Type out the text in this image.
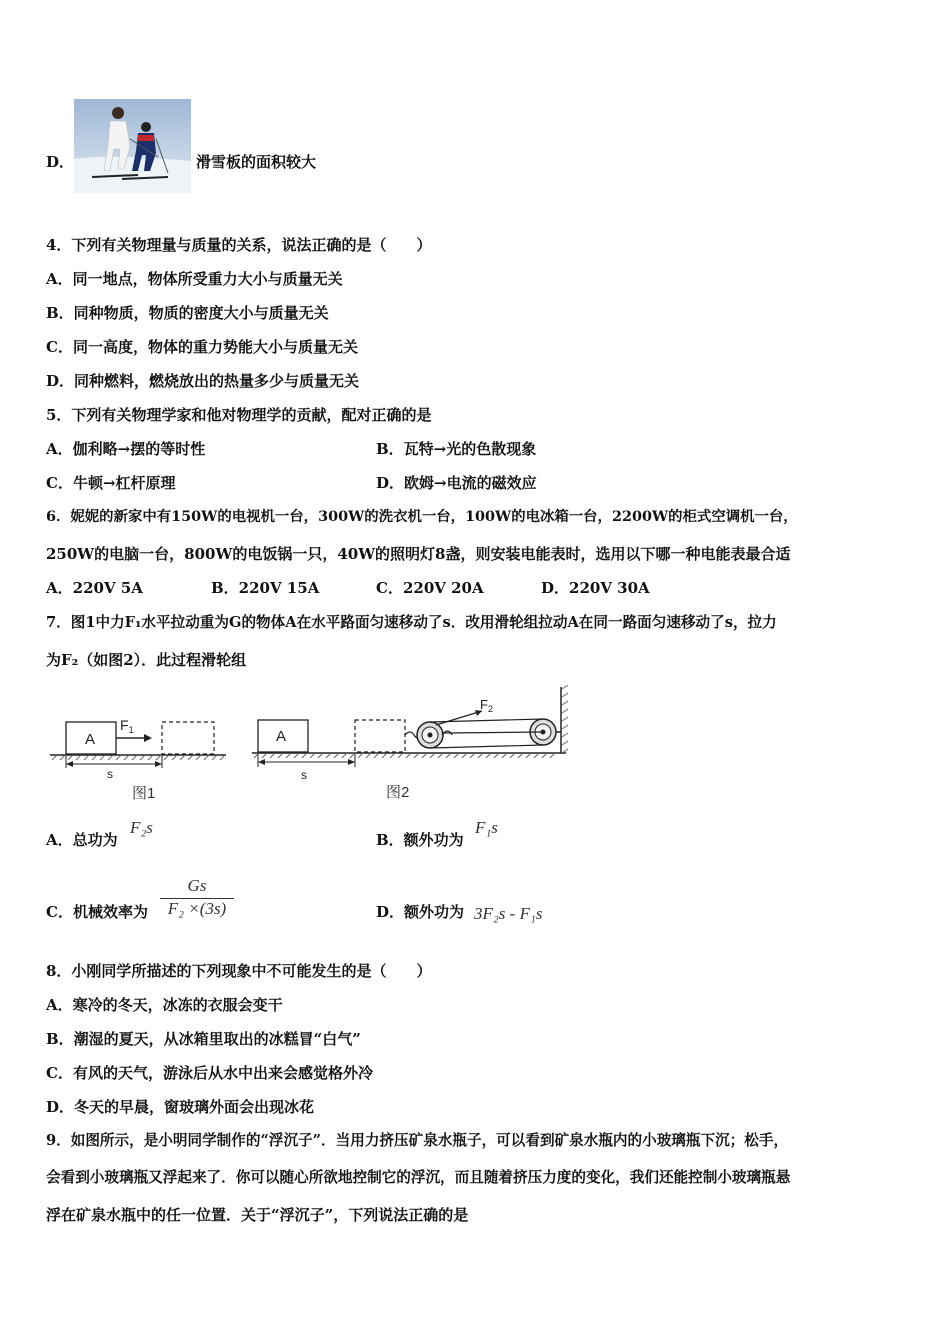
D．	滑雪板的面积较大
4．下列有关物理量与质量的关系，说法正确的是（　　）
A．同一地点，物体所受重力大小与质量无关
B．同种物质，物质的密度大小与质量无关
C．同一高度，物体的重力势能大小与质量无关
D．同种燃料，燃烧放出的热量多少与质量无关
5．下列有关物理学家和他对物理学的贡献，配对正确的是
A．伽利略→摆的等时性	B．瓦特→光的色散现象
C．牛顿→杠杆原理	D．欧姆→电流的磁效应
6．妮妮的新家中有150W的电视机一台，300W的洗衣机一台，100W的电冰箱一台，2200W的柜式空调机一台，
250W的电脑一台，800W的电饭锅一只，40W的照明灯8盏，则安装电能表时，选用以下哪一种电能表最合适
A．220V 5A	B．220V 15A	C．220V 20A	D．220V 30A
7．图1中力F₁水平拉动重为G的物体A在水平路面匀速移动了s．改用滑轮组拉动A在同一路面匀速移动了s，拉力
为F₂（如图2）．此过程滑轮组
A
$F_1$
s
图1
A
$F_2$
s
图2
A．总功为
F₂s
B．额外功为
F₁s
C．机械效率为
Gs
F₂ ×(3s)	D．额外功为 3F₂s - F₁s
8．小刚同学所描述的下列现象中不可能发生的是（　　）
A．寒冷的冬天，冰冻的衣服会变干
B．潮湿的夏天，从冰箱里取出的冰糕冒“白气”
C．有风的天气，游泳后从水中出来会感觉格外冷
D．冬天的早晨，窗玻璃外面会出现冰花
9．如图所示，是小明同学制作的“浮沉子”．当用力挤压矿泉水瓶子，可以看到矿泉水瓶内的小玻璃瓶下沉；松手，
会看到小玻璃瓶又浮起来了．你可以随心所欲地控制它的浮沉，而且随着挤压力度的变化，我们还能控制小玻璃瓶悬
浮在矿泉水瓶中的任一位置．关于“浮沉子”，下列说法正确的是
